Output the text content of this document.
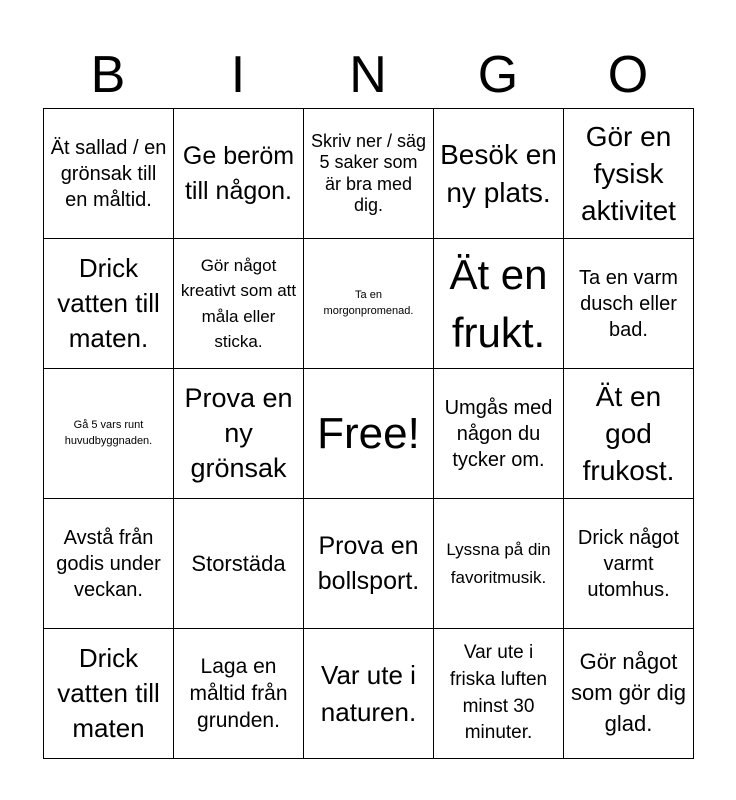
B	I	N	G	O
Ät sallad / en grönsak till en måltid.	Ge beröm till någon.	Skriv ner / säg 5 saker som är bra med dig.	Besök en ny plats.	Gör en fysisk aktivitet
Drick vatten till maten.	Gör något kreativt som att måla eller sticka.	Ta en morgonpromenad.	Ät en frukt.	Ta en varm dusch eller bad.
Gå 5 vars runt huvudbyggnaden.	Prova en ny grönsak	Free!	Umgås med någon du tycker om.	Ät en god frukost.
Avstå från godis under veckan.	Storstäda	Prova en bollsport.	Lyssna på din favoritmusik.	Drick något varmt utomhus.
Drick vatten till maten	Laga en måltid från grunden.	Var ute i naturen.	Var ute i friska luften minst 30 minuter.	Gör något som gör dig glad.
